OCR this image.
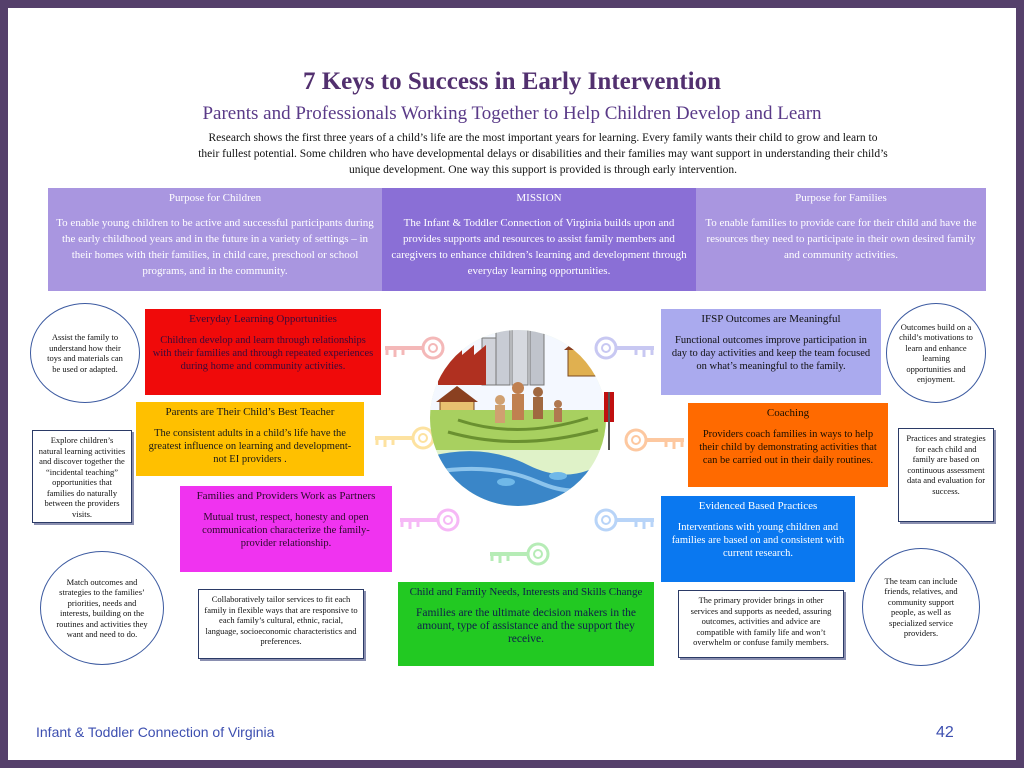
7 Keys to Success in Early Intervention
Parents and Professionals Working Together to Help Children Develop and Learn
Research shows the first three years of a child’s life are the most important years for learning. Every family wants their child to grow and learn to their fullest potential. Some children who have developmental delays or disabilities and their families may want support in understanding their child’s unique development. One way this support is provided is through early intervention.
Purpose for Children
To enable young children to be active and successful participants during the early childhood years and in the future in a variety of settings – in their homes with their families, in child care, preschool or school programs, and in the community.
MISSION
The Infant & Toddler Connection of Virginia builds upon and provides supports and resources to assist family members and caregivers to enhance children’s learning and development through everyday learning opportunities.
Purpose for Families
To enable families to provide care for their child and have the resources they need to participate in their own desired family and community activities.
Assist the family to understand how their toys and materials can be used or adapted.
Explore children’s natural learning activities and discover together the “incidental teaching” opportunities that families do naturally between the providers visits.
Match outcomes and strategies to the families’ priorities, needs and interests, building on the routines and activities they want and need to do.
Collaboratively tailor services to fit each family in flexible ways that are responsive to each family’s cultural, ethnic, racial, language, socioeconomic characteristics and preferences.
Outcomes build on a child’s motivations to learn and enhance learning opportunities and enjoyment.
Practices and strategies for each child and family are based on continuous assessment data and evaluation for success.
The team can include friends, relatives, and community support people, as well as specialized service providers.
The primary provider brings in other services and supports as needed, assuring outcomes, activities and advice are compatible with family life and won’t overwhelm or confuse family members.
Everyday Learning Opportunities
Children develop and learn through relationships with their families and through repeated experiences during home and community activities.
Parents are Their Child’s Best Teacher
The consistent adults in a child’s life have the greatest influence on learning and development-not EI providers .
Families and Providers Work as Partners
Mutual trust, respect, honesty and open communication characterize the family-provider relationship.
Child and Family Needs, Interests and Skills Change
Families are the ultimate decision makers in the amount, type of assistance and the support they receive.
IFSP Outcomes are Meaningful
Functional outcomes improve participation in day to day activities and keep the team focused on what’s meaningful to the family.
Coaching
Providers coach families in ways to help their child by demonstrating activities that can be carried out in their daily routines.
Evidenced Based Practices
Interventions with young children and families are based on and consistent with current research.
Infant & Toddler Connection of Virginia	42
